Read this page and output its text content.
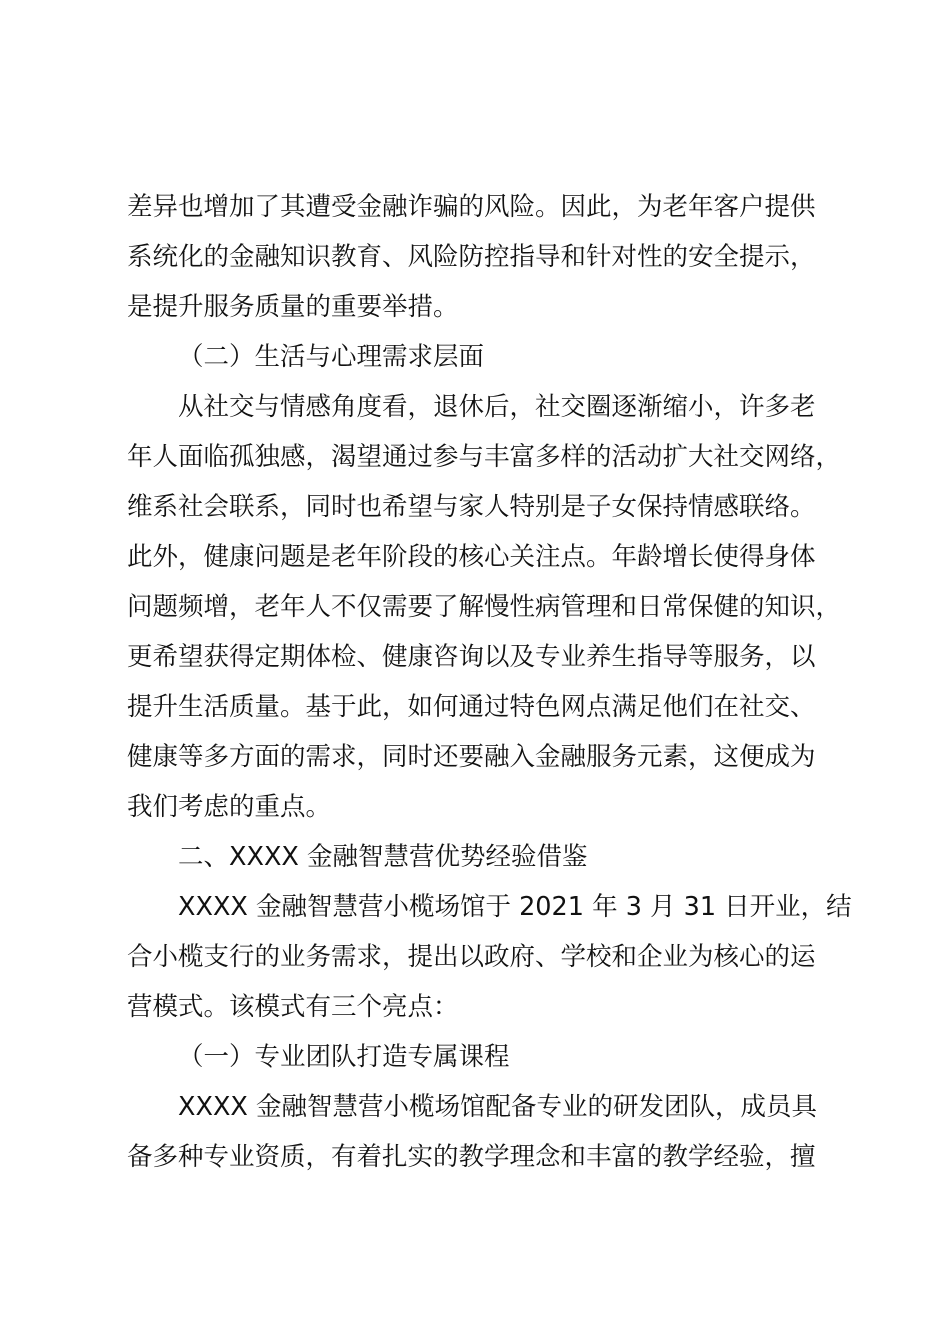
差异也增加了其遭受金融诈骗的风险。因此，为老年客户提供

系统化的金融知识教育、风险防控指导和针对性的安全提示，

是提升服务质量的重要举措。

（二）生活与心理需求层面

从社交与情感角度看，退休后，社交圈逐渐缩小，许多老

年人面临孤独感，渴望通过参与丰富多样的活动扩大社交网络，

维系社会联系，同时也希望与家人特别是子女保持情感联络。

此外，健康问题是老年阶段的核心关注点。年龄增长使得身体

问题频增，老年人不仅需要了解慢性病管理和日常保健的知识，

更希望获得定期体检、健康咨询以及专业养生指导等服务，以

提升生活质量。基于此，如何通过特色网点满足他们在社交、

健康等多方面的需求，同时还要融入金融服务元素，这便成为

我们考虑的重点。

二、XXXX 金融智慧营优势经验借鉴

XXXX 金融智慧营小榄场馆于 2021 年 3 月 31 日开业，结

合小榄支行的业务需求，提出以政府、学校和企业为核心的运

营模式。该模式有三个亮点：

（一）专业团队打造专属课程

XXXX 金融智慧营小榄场馆配备专业的研发团队，成员具

备多种专业资质，有着扎实的教学理念和丰富的教学经验，擅
